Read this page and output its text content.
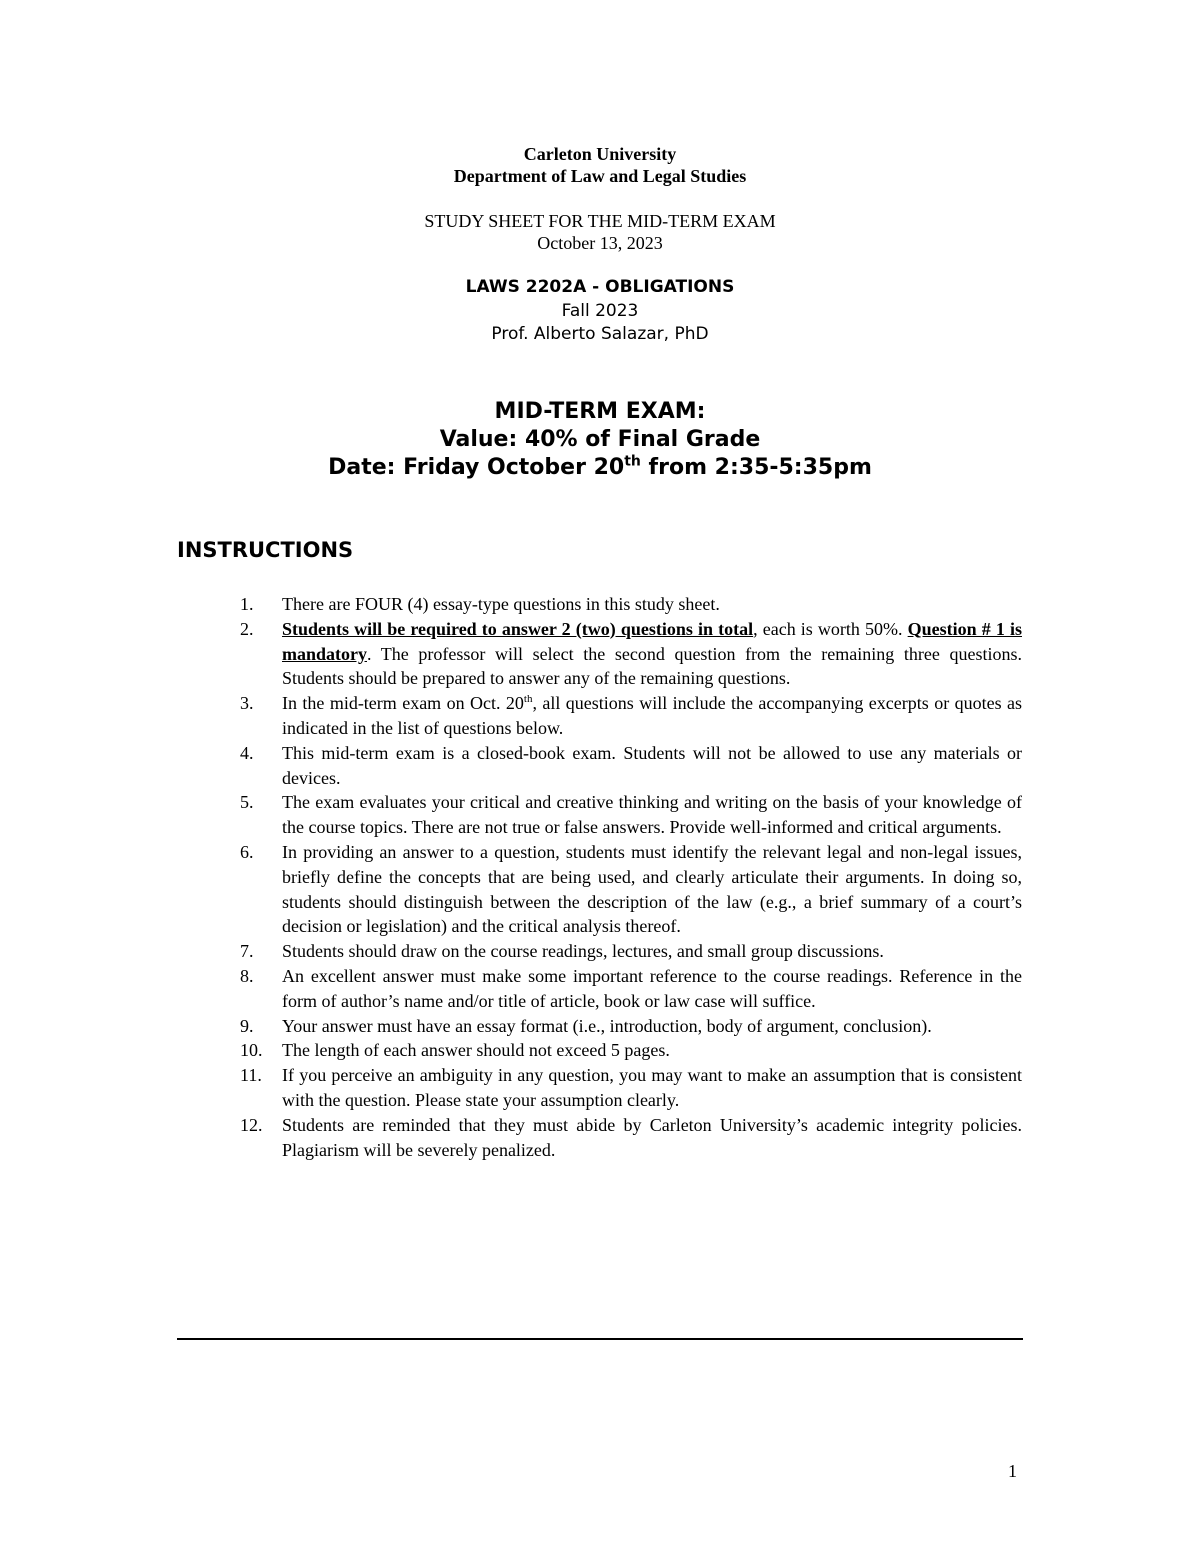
Carleton University
Department of Law and Legal Studies
STUDY SHEET FOR THE MID-TERM EXAM
October 13, 2023
LAWS 2202A - OBLIGATIONS
Fall 2023
Prof. Alberto Salazar, PhD
MID-TERM EXAM:
Value: 40% of Final Grade
Date: Friday October 20th from 2:35-5:35pm
INSTRUCTIONS
1.	There are FOUR (4) essay-type questions in this study sheet.
2.	Students will be required to answer 2 (two) questions in total, each is worth 50%. Question # 1 is mandatory. The professor will select the second question from the remaining three questions. Students should be prepared to answer any of the remaining questions.
3.	In the mid-term exam on Oct. 20th, all questions will include the accompanying excerpts or quotes as indicated in the list of questions below.
4.	This mid-term exam is a closed-book exam. Students will not be allowed to use any materials or devices.
5.	The exam evaluates your critical and creative thinking and writing on the basis of your knowledge of the course topics. There are not true or false answers. Provide well-informed and critical arguments.
6.	In providing an answer to a question, students must identify the relevant legal and non-legal issues, briefly define the concepts that are being used, and clearly articulate their arguments. In doing so, students should distinguish between the description of the law (e.g., a brief summary of a court’s decision or legislation) and the critical analysis thereof.
7.	Students should draw on the course readings, lectures, and small group discussions.
8.	An excellent answer must make some important reference to the course readings. Reference in the form of author’s name and/or title of article, book or law case will suffice.
9.	Your answer must have an essay format (i.e., introduction, body of argument, conclusion).
10.	The length of each answer should not exceed 5 pages.
11.	If you perceive an ambiguity in any question, you may want to make an assumption that is consistent with the question. Please state your assumption clearly.
12.	Students are reminded that they must abide by Carleton University’s academic integrity policies. Plagiarism will be severely penalized.
1
